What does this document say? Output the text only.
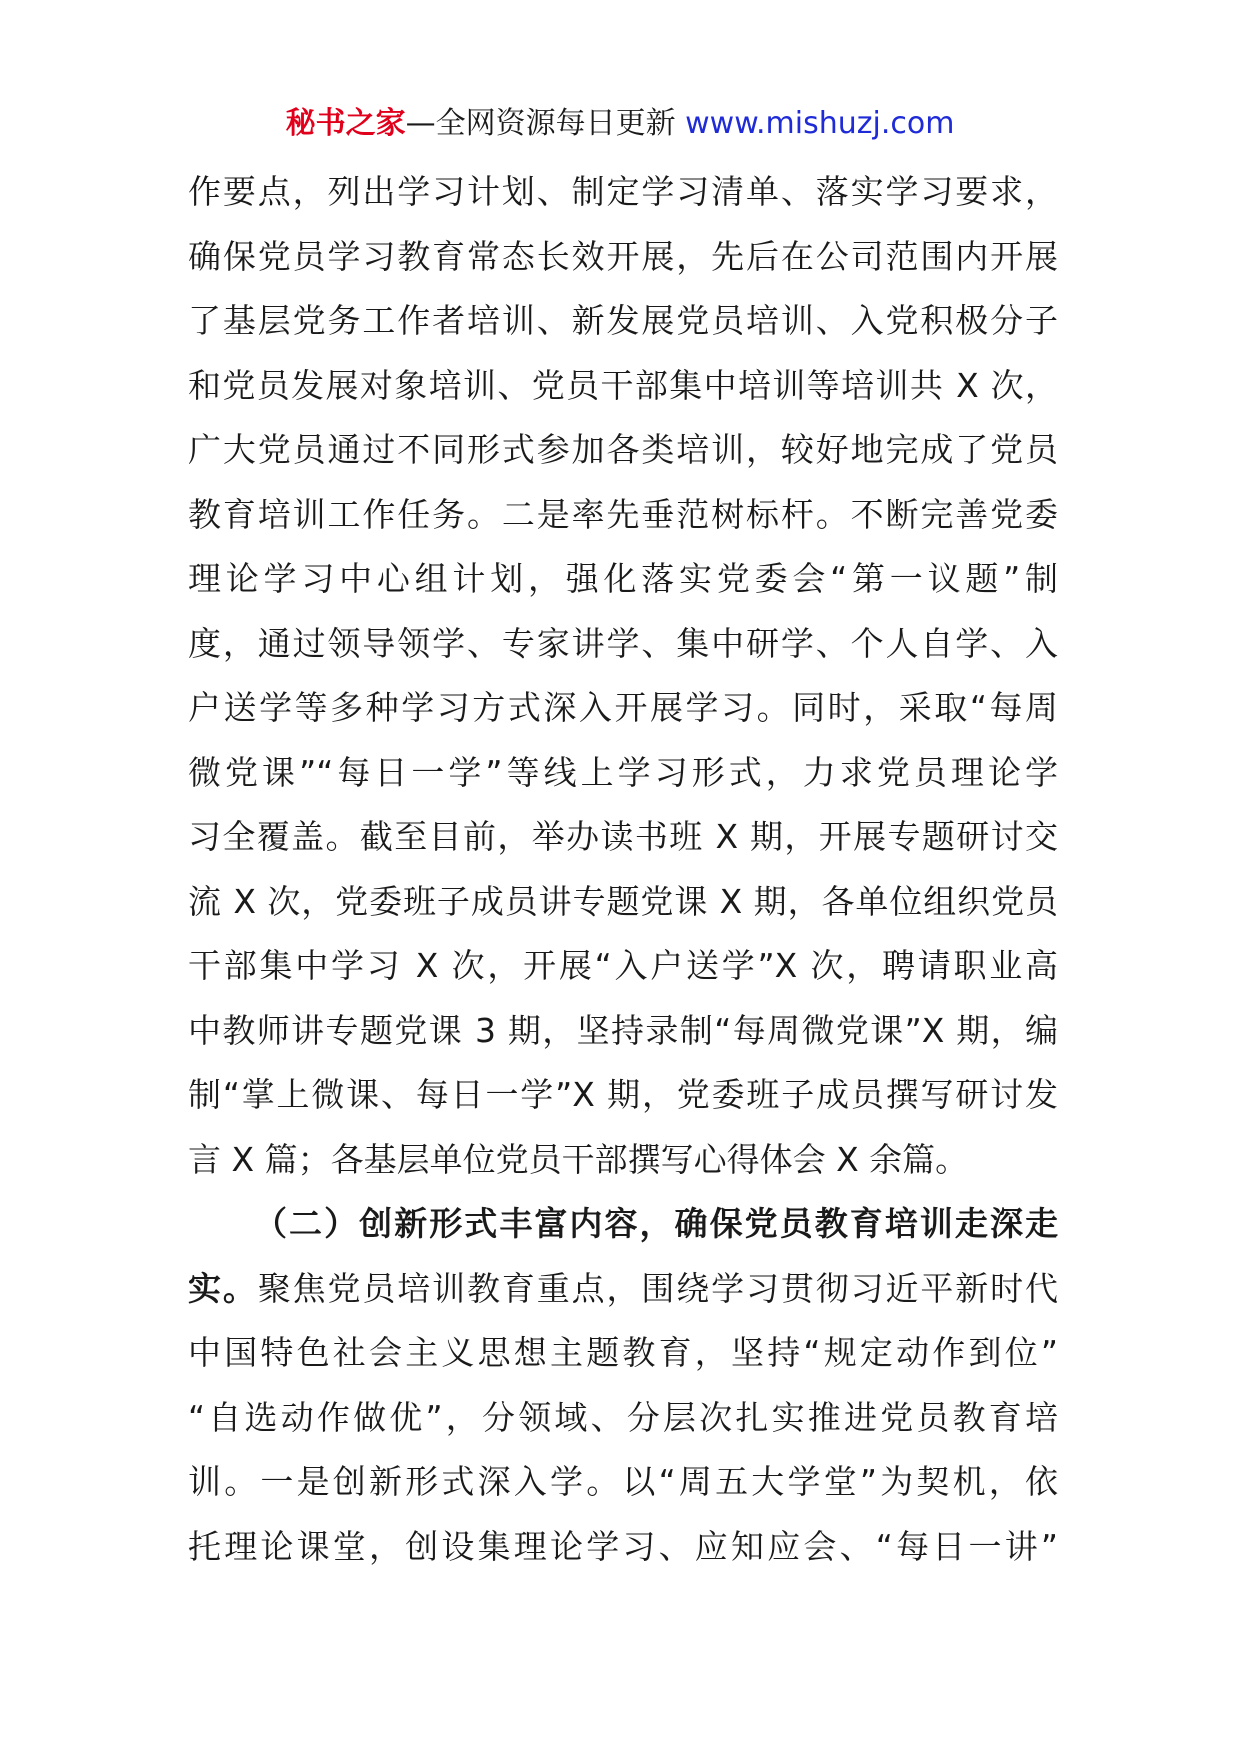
秘书之家—全网资源每日更新 www.mishuzj.com
作要点，列出学习计划、制定学习清单、落实学习要求，
确保党员学习教育常态长效开展，先后在公司范围内开展
了基层党务工作者培训、新发展党员培训、入党积极分子
和党员发展对象培训、党员干部集中培训等培训共 X 次，
广大党员通过不同形式参加各类培训，较好地完成了党员
教育培训工作任务。二是率先垂范树标杆。不断完善党委
理论学习中心组计划，强化落实党委会“第一议题”制
度，通过领导领学、专家讲学、集中研学、个人自学、入
户送学等多种学习方式深入开展学习。同时，采取“每周
微党课”“每日一学”等线上学习形式，力求党员理论学
习全覆盖。截至目前，举办读书班 X 期，开展专题研讨交
流 X 次，党委班子成员讲专题党课 X 期，各单位组织党员
干部集中学习 X 次，开展“入户送学”X 次，聘请职业高
中教师讲专题党课 3 期，坚持录制“每周微党课”X 期，编
制“掌上微课、每日一学”X 期，党委班子成员撰写研讨发
言 X 篇；各基层单位党员干部撰写心得体会 X 余篇。
（二）创新形式丰富内容，确保党员教育培训走深走
实。聚焦党员培训教育重点，围绕学习贯彻习近平新时代
中国特色社会主义思想主题教育，坚持“规定动作到位”
“自选动作做优”，分领域、分层次扎实推进党员教育培
训。一是创新形式深入学。以“周五大学堂”为契机，依
托理论课堂，创设集理论学习、应知应会、“每日一讲”
